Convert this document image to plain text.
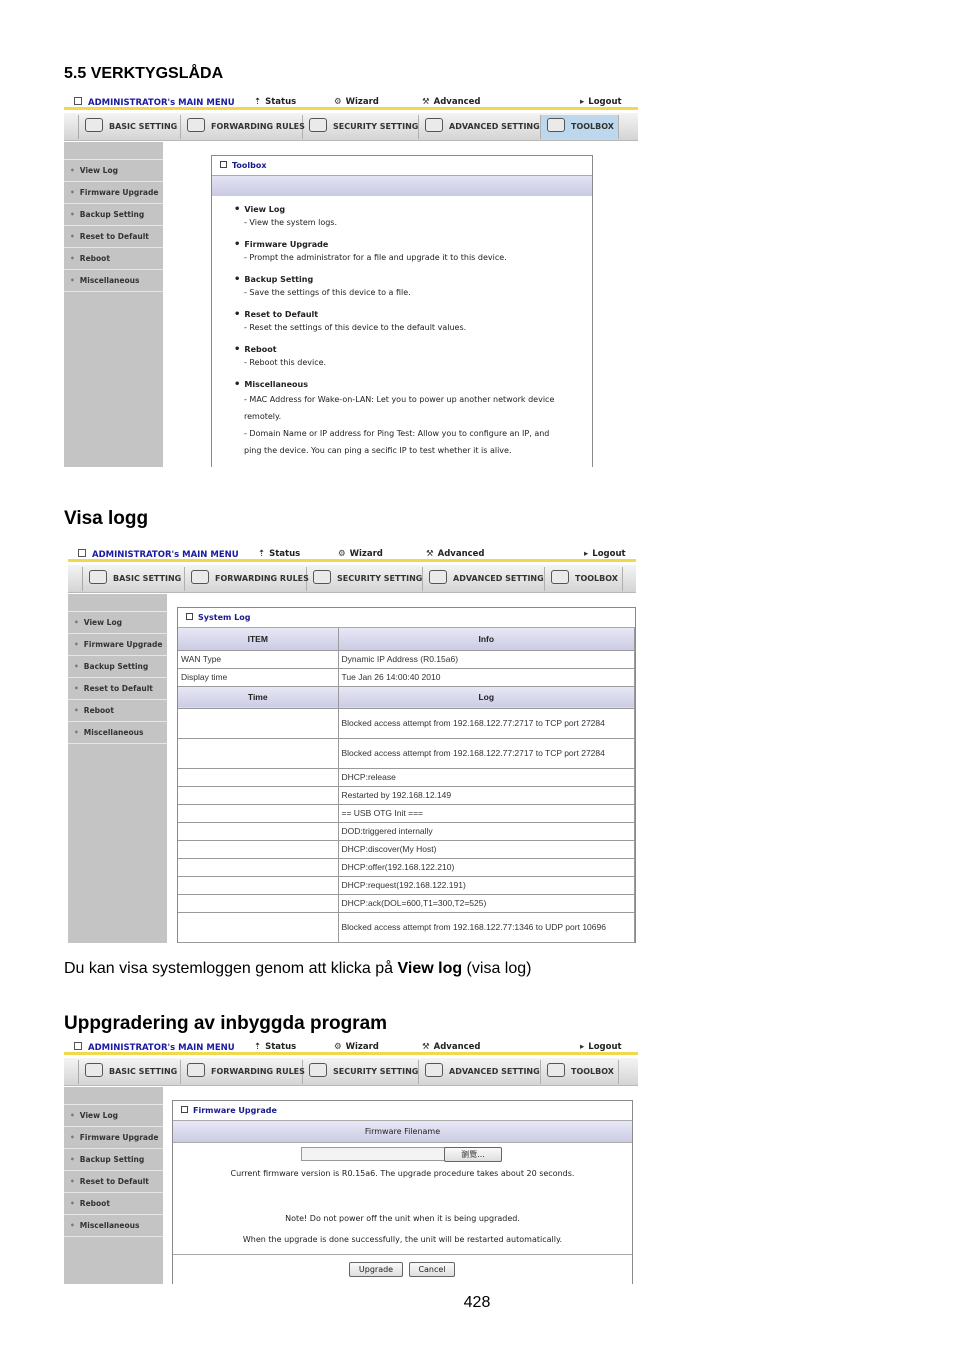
5.5 VERKTYGSLÅDA
ADMINISTRATOR's MAIN MENU ⇡ Status	⚙ Wizard	⚒ Advanced	▸ Logout
BASIC SETTING	FORWARDING RULES	SECURITY SETTING	ADVANCED SETTING	TOOLBOX
• View Log
• Firmware Upgrade
• Backup Setting
• Reset to Default
• Reboot
• Miscellaneous
Toolbox
• View Log
- View the system logs.
• Firmware Upgrade
- Prompt the administrator for a file and upgrade it to this device.
• Backup Setting
- Save the settings of this device to a file.
• Reset to Default
- Reset the settings of this device to the default values.
• Reboot
- Reboot this device.
• Miscellaneous
- MAC Address for Wake-on-LAN: Let you to power up another network device remotely.
- Domain Name or IP address for Ping Test: Allow you to configure an IP, and ping the device. You can ping a secific IP to test whether it is alive.
Visa logg
ADMINISTRATOR's MAIN MENU ⇡ Status	⚙ Wizard	⚒ Advanced	▸ Logout
BASIC SETTING	FORWARDING RULES	SECURITY SETTING	ADVANCED SETTING	TOOLBOX
• View Log
• Firmware Upgrade
• Backup Setting
• Reset to Default
• Reboot
• Miscellaneous
System Log
ITEM	Info
WAN Type	Dynamic IP Address (R0.15a6)
Display time	Tue Jan 26 14:00:40 2010
Time	Log
	Blocked access attempt from 192.168.122.77:2717 to TCP port 27284
	Blocked access attempt from 192.168.122.77:2717 to TCP port 27284
	DHCP:release
	Restarted by 192.168.12.149
	== USB OTG Init ===
	DOD:triggered internally
	DHCP:discover(My Host)
	DHCP:offer(192.168.122.210)
	DHCP:request(192.168.122.191)
	DHCP:ack(DOL=600,T1=300,T2=525)
	Blocked access attempt from 192.168.122.77:1346 to UDP port 10696
Du kan visa systemloggen genom att klicka på View log (visa log)
Uppgradering av inbyggda program
ADMINISTRATOR's MAIN MENU ⇡ Status	⚙ Wizard	⚒ Advanced	▸ Logout
BASIC SETTING	FORWARDING RULES	SECURITY SETTING	ADVANCED SETTING	TOOLBOX
• View Log
• Firmware Upgrade
• Backup Setting
• Reset to Default
• Reboot
• Miscellaneous
Firmware Upgrade
Firmware Filename
瀏覽...
Current firmware version is R0.15a6. The upgrade procedure takes about 20 seconds.
Note! Do not power off the unit when it is being upgraded.
When the upgrade is done successfully, the unit will be restarted automatically.
Upgrade	Cancel
428
